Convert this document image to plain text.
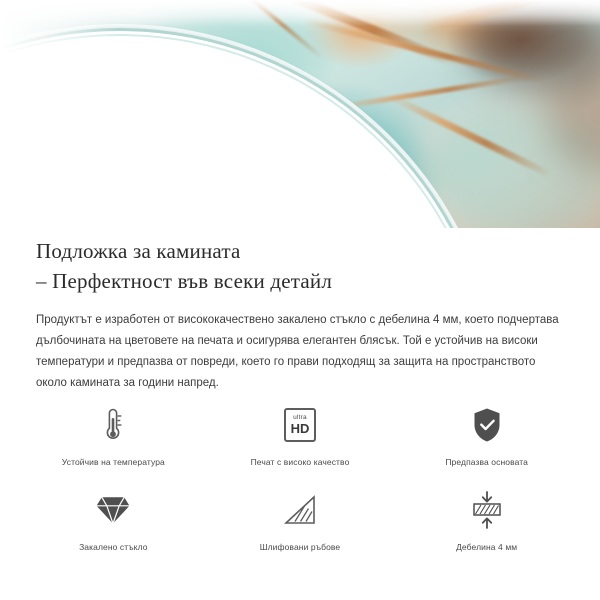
Подложка за камината
– Перфектност във всеки детайл

Продуктът е изработен от висококачествено закалено стъкло с дебелина 4 мм, което подчертава дълбочината на цветовете на печата и осигурява елегантен блясък. Той е устойчив на високи температури и предпазва от повреди, което го прави подходящ за защита на пространството около камината за години напред.

Устойчив на температура
ultra
HD
Печат с високо качество	Предпазва основата
Закалено стъкло	Шлифовани ръбове	Дебелина 4 мм
